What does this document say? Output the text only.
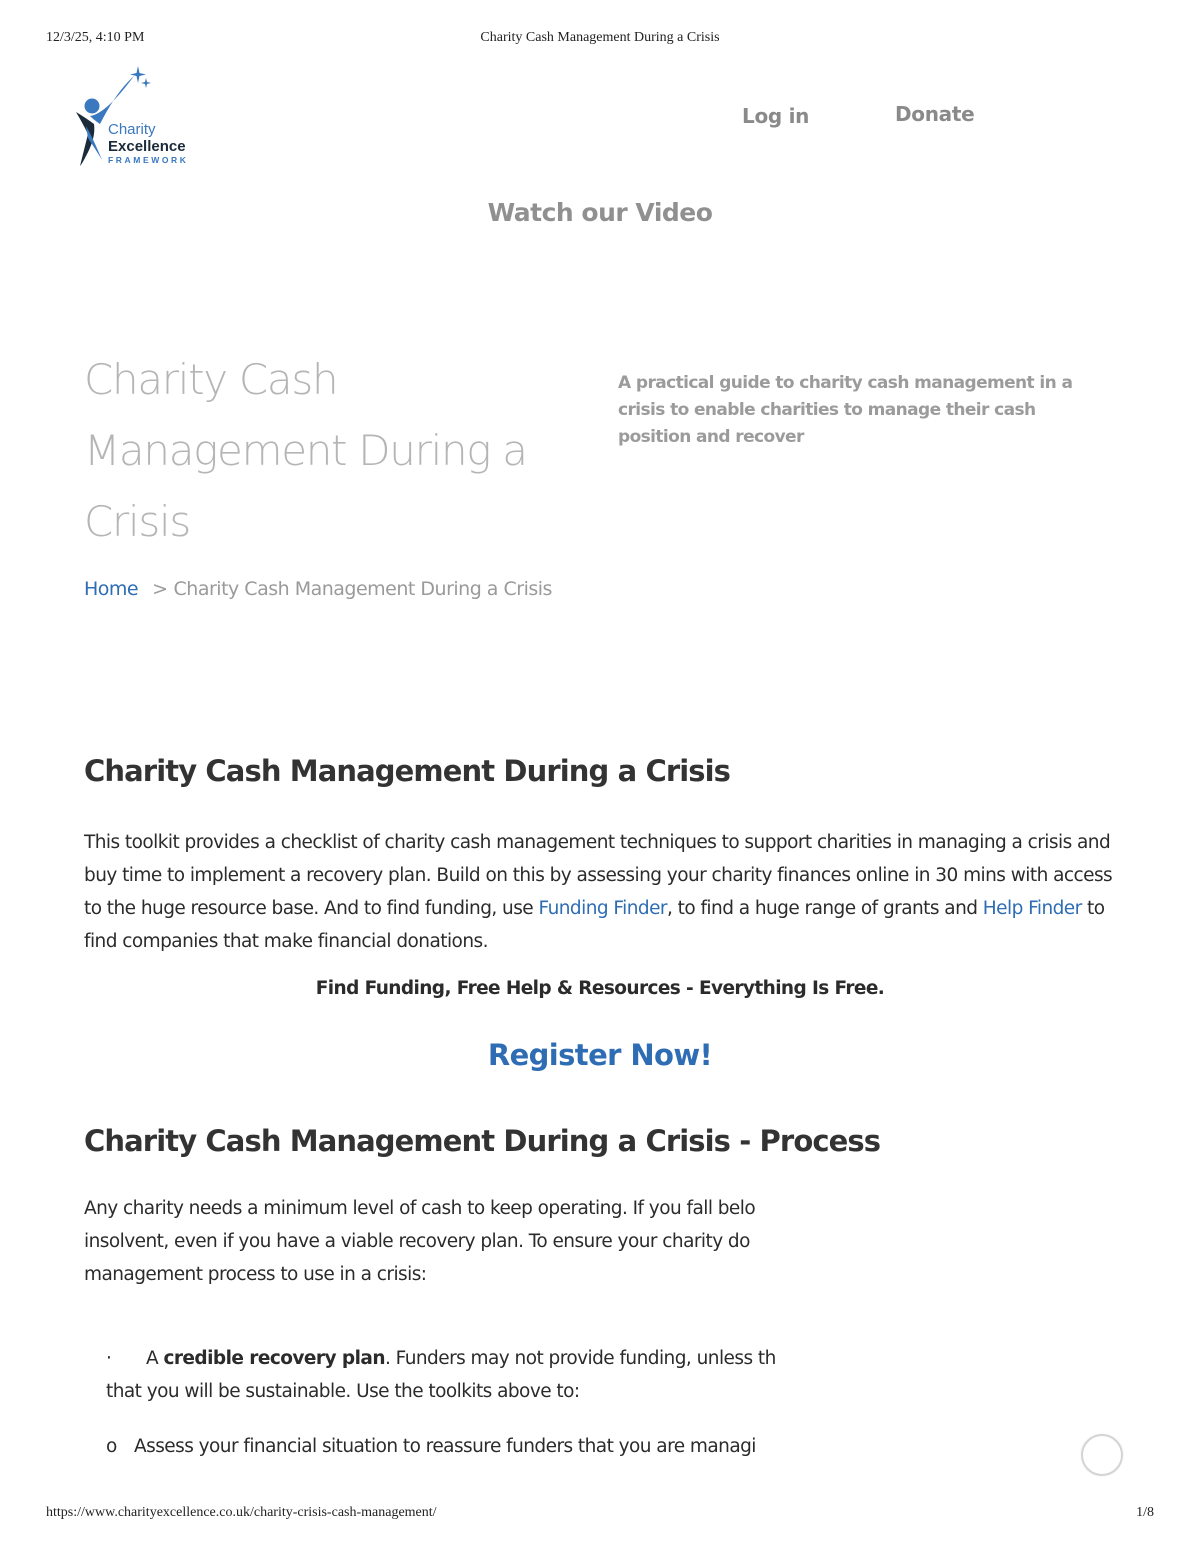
12/3/25, 4:10 PM	Charity Cash Management During a Crisis
Charity
Excellence
FRAMEWORK
Log in	Donate
Watch our Video
Charity Cash Management During a Crisis

A practical guide to charity cash management in a crisis to enable charities to manage their cash position and recover

Home > Charity Cash Management During a Crisis
Charity Cash Management During a Crisis

This toolkit provides a checklist of charity cash management techniques to support charities in managing a crisis and buy time to implement a recovery plan. Build on this by assessing your charity finances online in 30 mins with access to the huge resource base. And to find funding, use Funding Finder, to find a huge range of grants and Help Finder to find companies that make financial donations.

Find Funding, Free Help & Resources - Everything Is Free.
Register Now!
Charity Cash Management During a Crisis - Process
Any charity needs a minimum level of cash to keep operating. If you fall belo
insolvent, even if you have a viable recovery plan. To ensure your charity do
management process to use in a crisis:
· A credible recovery plan. Funders may not provide funding, unless th
that you will be sustainable. Use the toolkits above to:
o Assess your financial situation to reassure funders that you are managi
https://www.charityexcellence.co.uk/charity-crisis-cash-management/	1/8
